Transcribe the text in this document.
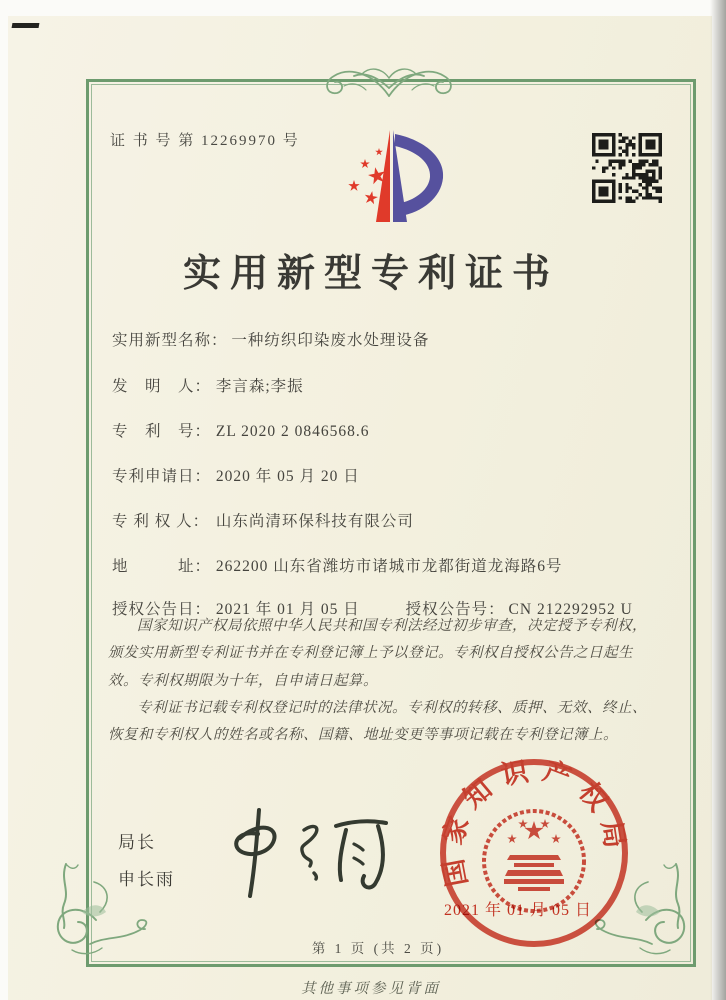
证 书 号 第 12269970 号
实用新型专利证书
实用新型名称： 一种纺织印染废水处理设备
发　明　人： 李言森;李振
专　利　号： ZL 2020 2 0846568.6
专利申请日： 2020 年 05 月 20 日
专 利 权 人： 山东尚清环保科技有限公司
地　　　址： 262200 山东省潍坊市诸城市龙都街道龙海路6号
授权公告日： 2021 年 01 月 05 日	授权公告号： CN 212292952 U

国家知识产权局依照中华人民共和国专利法经过初步审查，决定授予专利权，颁发实用新型专利证书并在专利登记簿上予以登记。专利权自授权公告之日起生效。专利权期限为十年，自申请日起算。

专利证书记载专利权登记时的法律状况。专利权的转移、质押、无效、终止、恢复和专利权人的姓名或名称、国籍、地址变更等事项记载在专利登记簿上。

局长
申长雨	国家知识产权局
2021 年 01 月 05 日
第 1 页 (共 2 页)
其他事项参见背面
